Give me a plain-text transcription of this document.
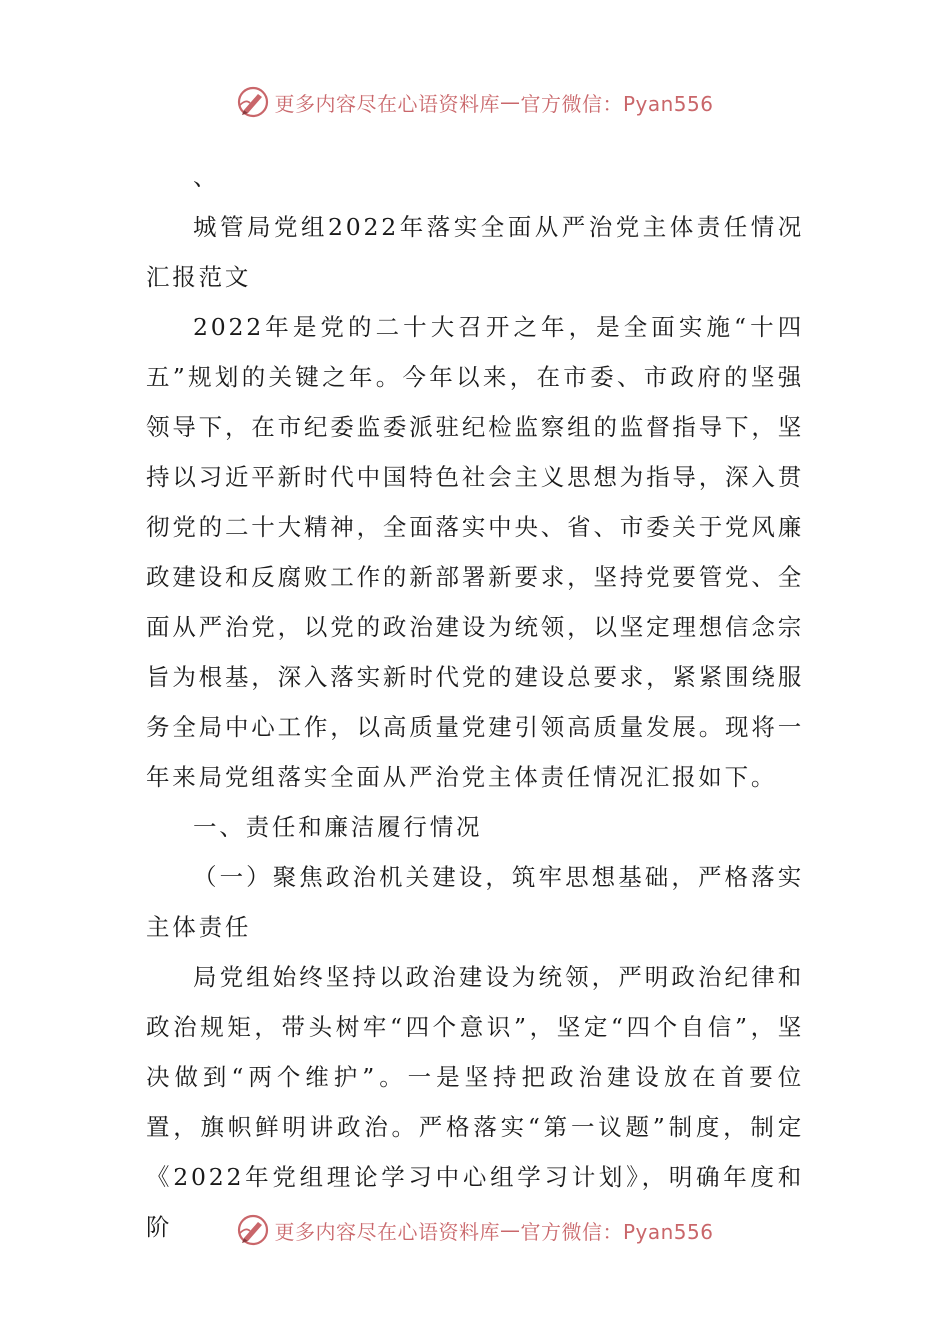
更多内容尽在心语资料库 — 官方微信：Pyan556

、

城管局党组2022年落实全面从严治党主体责任情况汇报范文

2022年是党的二十大召开之年，是全面实施“十四五”规划的关键之年。今年以来，在市委、市政府的坚强领导下，在市纪委监委派驻纪检监察组的监督指导下，坚持以习近平新时代中国特色社会主义思想为指导，深入贯彻党的二十大精神，全面落实中央、省、市委关于党风廉政建设和反腐败工作的新部署新要求，坚持党要管党、全面从严治党，以党的政治建设为统领，以坚定理想信念宗旨为根基，深入落实新时代党的建设总要求，紧紧围绕服务全局中心工作，以高质量党建引领高质量发展。现将一年来局党组落实全面从严治党主体责任情况汇报如下。

一、责任和廉洁履行情况

（一）聚焦政治机关建设，筑牢思想基础，严格落实主体责任

局党组始终坚持以政治建设为统领，严明政治纪律和政治规矩，带头树牢“四个意识”，坚定“四个自信”，坚决做到“两个维护”。一是坚持把政治建设放在首要位置，旗帜鲜明讲政治。严格落实“第一议题”制度，制定《2022年党组理论学习中心组学习计划》，明确年度和阶	更多内容尽在心语资料库 — 官方微信：Pyan556
